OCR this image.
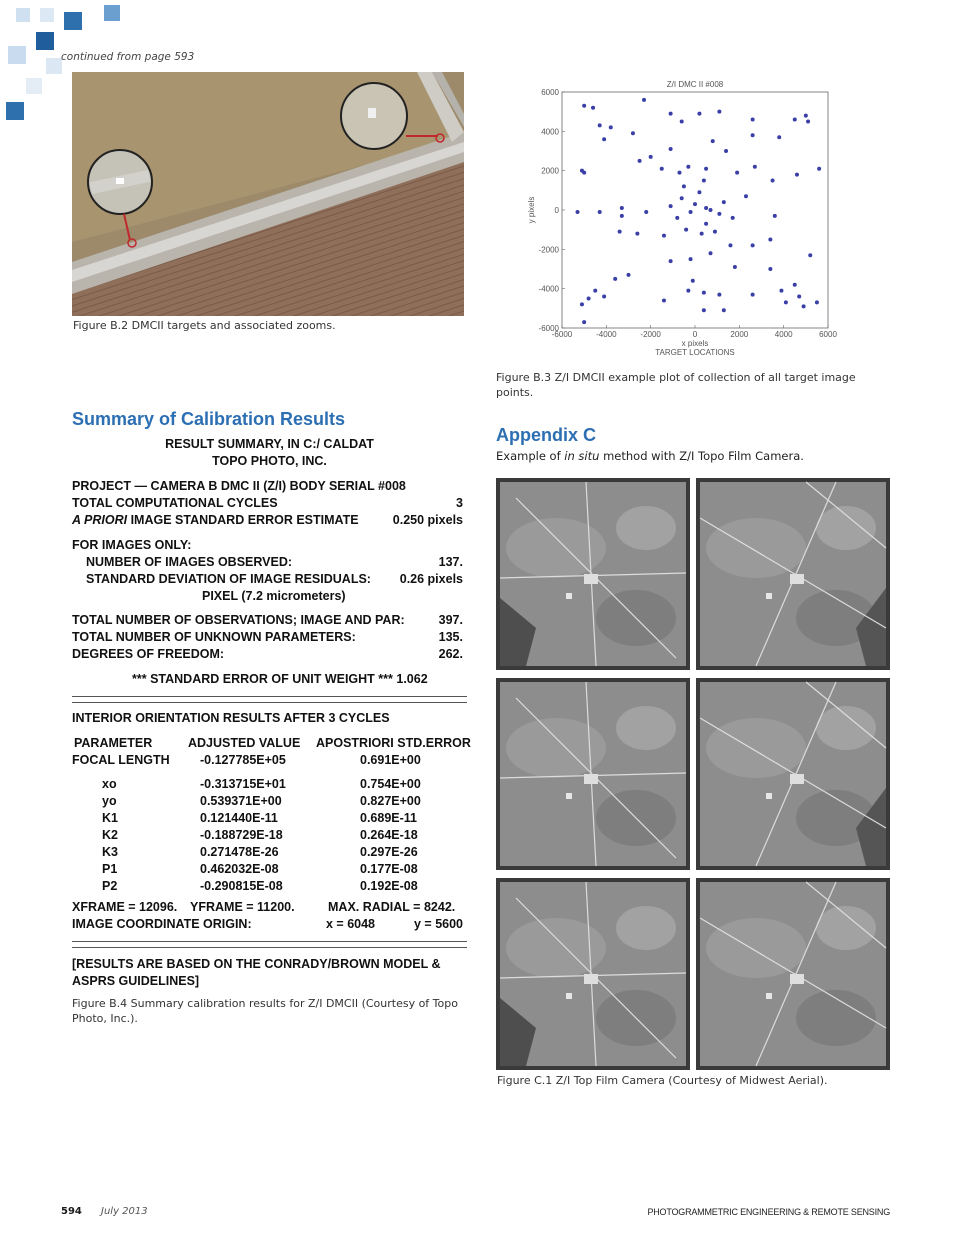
continued from page 593
Figure B.2 DMCII targets and associated zooms.
Z/I DMC II #008
-6000	-4000	-2000	0	2000	4000	6000
6000
4000
2000
0
-2000
-4000
-6000
x pixels
TARGET LOCATIONS
y pixels
Figure B.3 Z/I DMCII example plot of collection of all target image points.
Summary of Calibration Results
RESULT SUMMARY, IN C:/ CALDAT
TOPO PHOTO, INC.
PROJECT — CAMERA B DMC II (Z/I) BODY SERIAL #008
TOTAL COMPUTATIONAL CYCLES	3
A PRIORI IMAGE STANDARD ERROR ESTIMATE	0.250 pixels
FOR IMAGES ONLY:
NUMBER OF IMAGES OBSERVED:	137.
STANDARD DEVIATION OF IMAGE RESIDUALS: 0.26 pixels
PIXEL (7.2 micrometers)
TOTAL NUMBER OF OBSERVATIONS; IMAGE AND PAR:	397.
TOTAL NUMBER OF UNKNOWN PARAMETERS:	135.
DEGREES OF FREEDOM:	262.
*** STANDARD ERROR OF UNIT WEIGHT *** 1.062
INTERIOR ORIENTATION RESULTS AFTER 3 CYCLES
PARAMETER	ADJUSTED VALUE APOSTRIORI STD.ERROR
FOCAL LENGTH -0.127785E+05	0.691E+00
xo	-0.313715E+01	0.754E+00
yo	0.539371E+00	0.827E+00
K1	0.121440E-11	0.689E-11
K2	-0.188729E-18	0.264E-18
K3	0.271478E-26	0.297E-26
P1	0.462032E-08	0.177E-08
P2	-0.290815E-08	0.192E-08
XFRAME = 12096. YFRAME = 11200.	MAX. RADIAL = 8242.
IMAGE COORDINATE ORIGIN:	x = 6048	y = 5600
[RESULTS ARE BASED ON THE CONRADY/BROWN MODEL & ASPRS GUIDELINES]
Figure B.4 Summary calibration results for Z/I DMCII (Courtesy of Topo Photo, Inc.).
Appendix C
Example of in situ method with Z/I Topo Film Camera.
Figure C.1 Z/I Top Film Camera (Courtesy of Midwest Aerial).
594 July 2013	PHOTOGRAMMETRIC ENGINEERING & REMOTE SENSING
